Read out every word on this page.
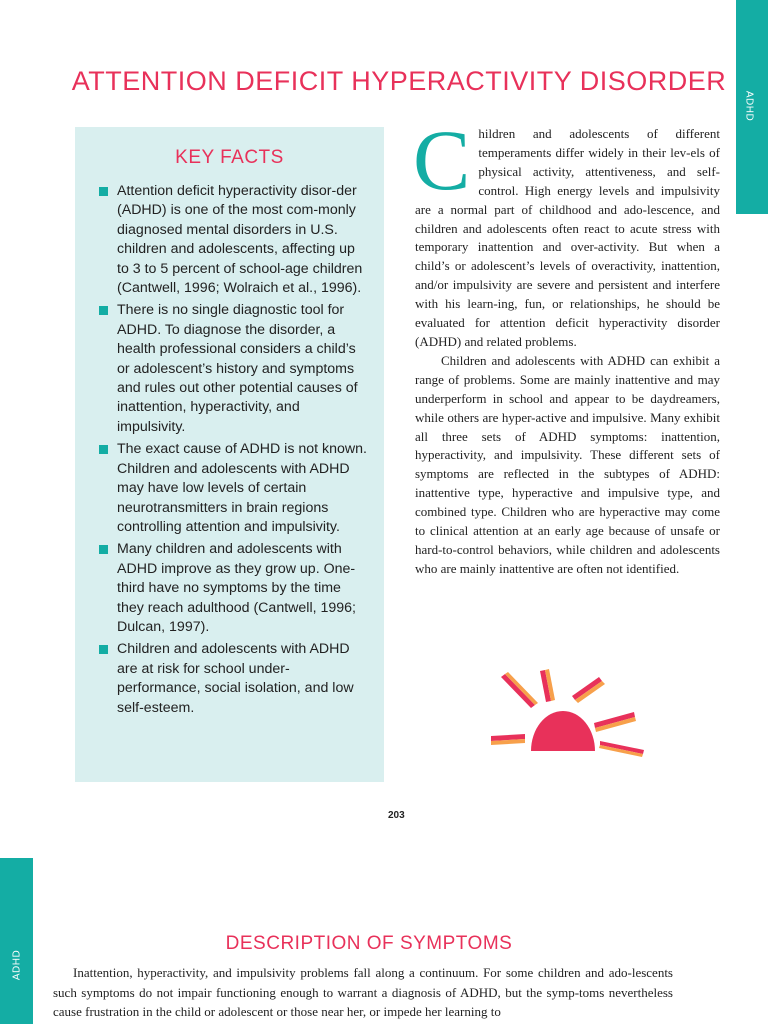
ADHD
ATTENTION DEFICIT HYPERACTIVITY DISORDER
KEY FACTS
Attention deficit hyperactivity disor-der (ADHD) is one of the most com-monly diagnosed mental disorders in U.S. children and adolescents, affecting up to 3 to 5 percent of school-age children (Cantwell, 1996; Wolraich et al., 1996).
There is no single diagnostic tool for ADHD. To diagnose the disorder, a health professional considers a child’s or adolescent’s history and symptoms and rules out other potential causes of inattention, hyperactivity, and impulsivity.
The exact cause of ADHD is not known. Children and adolescents with ADHD may have low levels of certain neurotransmitters in brain regions controlling attention and impulsivity.
Many children and adolescents with ADHD improve as they grow up. One-third have no symptoms by the time they reach adulthood (Cantwell, 1996; Dulcan, 1997).
Children and adolescents with ADHD are at risk for school under-performance, social isolation, and low self-esteem.

Children and adolescents of different temperaments differ widely in their lev-els of physical activity, attentiveness, and self-control. High energy levels and impulsivity are a normal part of childhood and ado-lescence, and children and adolescents often react to acute stress with temporary inattention and over-activity. But when a child’s or adolescent’s levels of overactivity, inattention, and/or impulsivity are severe and persistent and interfere with his learn-ing, fun, or relationships, he should be evaluated for attention deficit hyperactivity disorder (ADHD) and related problems.

Children and adolescents with ADHD can exhibit a range of problems. Some are mainly inattentive and may underperform in school and appear to be daydreamers, while others are hyper-active and impulsive. Many exhibit all three sets of ADHD symptoms: inattention, hyperactivity, and impulsivity. These different sets of symptoms are reflected in the subtypes of ADHD: inattentive type, hyperactive and impulsive type, and combined type. Children who are hyperactive may come to clinical attention at an early age because of unsafe or hard-to-control behaviors, while children and adolescents who are mainly inattentive are often not identified.

203
ADHD
DESCRIPTION OF SYMPTOMS

Inattention, hyperactivity, and impulsivity problems fall along a continuum. For some children and ado-lescents such symptoms do not impair functioning enough to warrant a diagnosis of ADHD, but the symp-toms nevertheless cause frustration in the child or adolescent or those near her, or impede her learning to
